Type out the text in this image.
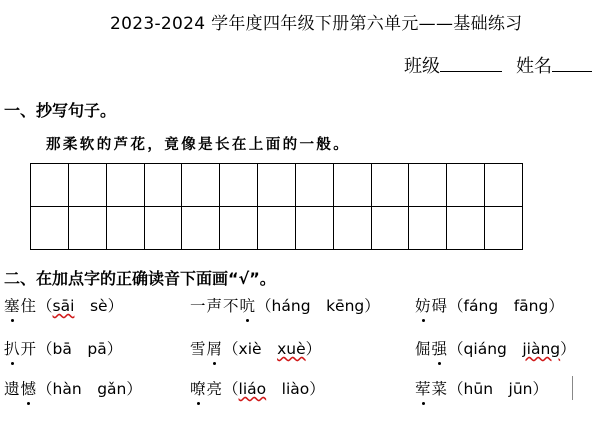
2023-2024 学年度四年级下册第六单元——基础练习
班级	姓名
一、抄写句子。
那柔软的芦花，竟像是长在上面的一般。

二、在加点字的正确读音下面画“√”。
塞住（sāi　 sè）	一声不吭（háng　 kēng） 妨碍（fáng　 fāng）
扒开（bā　 pā）	雪屑（xiè　 xuè）	倔强（qiáng　 jiàng）
遗憾（hàn　 gǎn）	嘹亮（liáo　 liào）	荤菜（hūn　 jūn）
